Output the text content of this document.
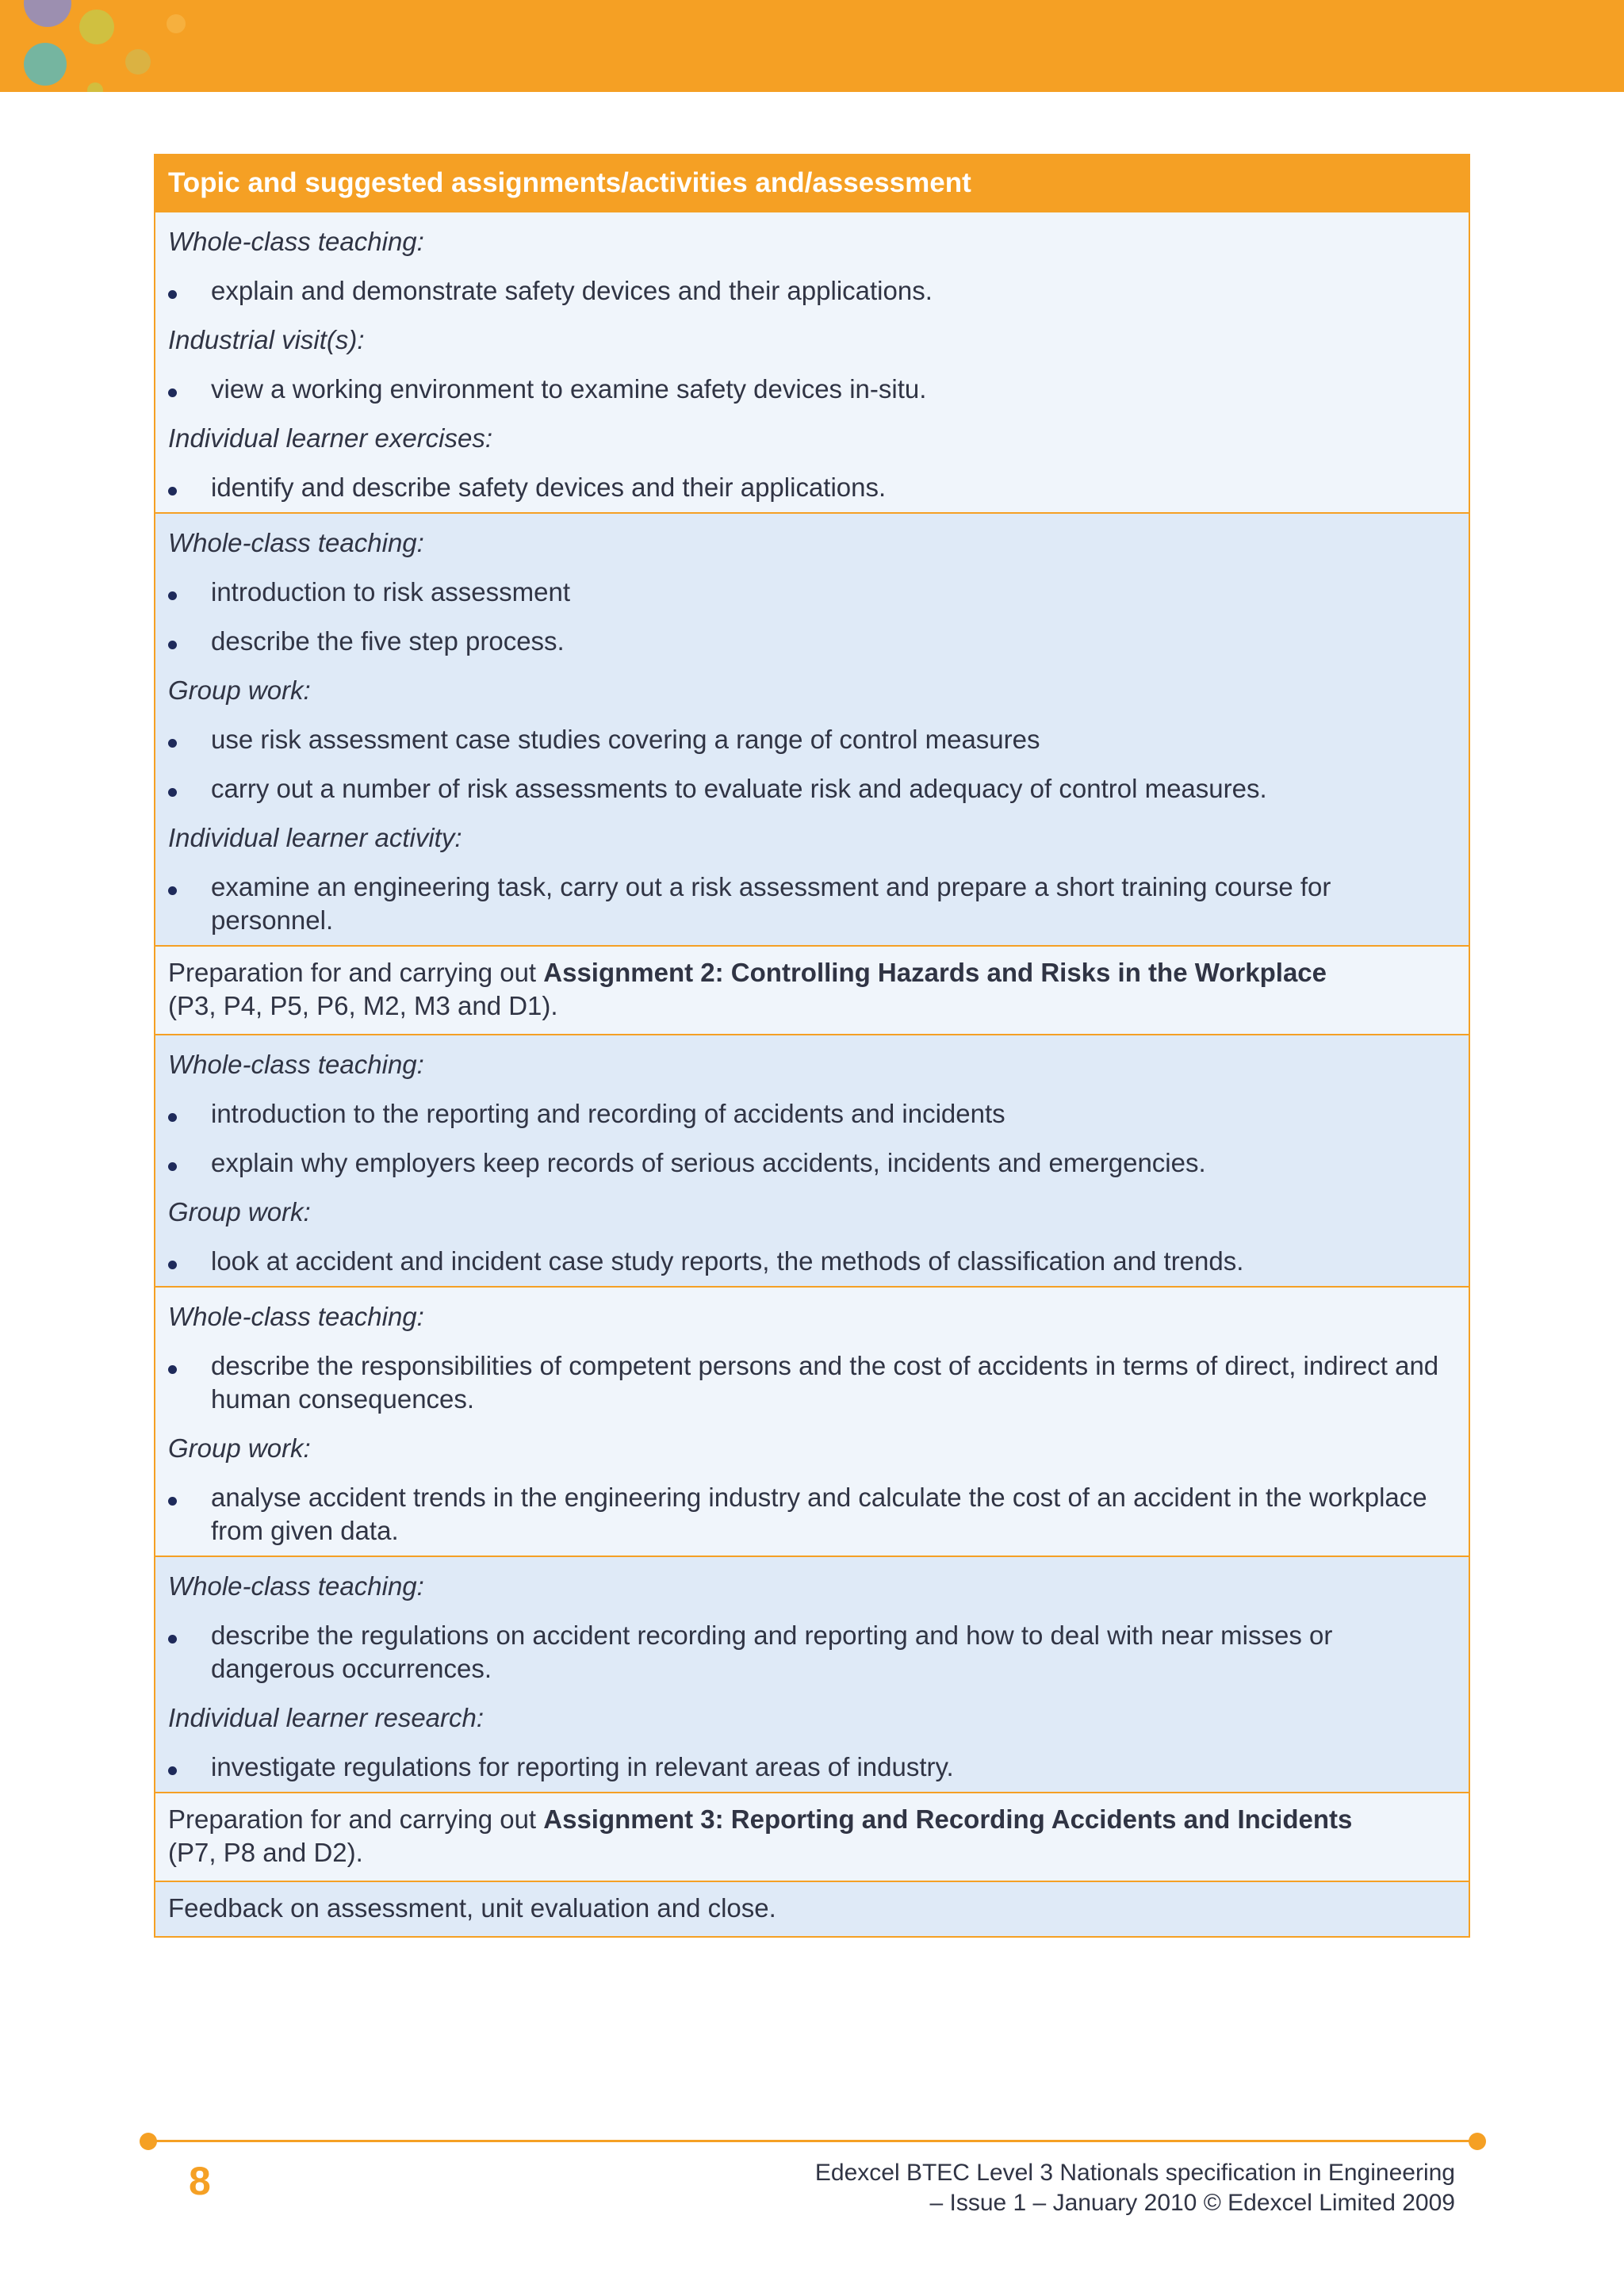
Topic and suggested assignments/activities and/assessment
Whole-class teaching:
explain and demonstrate safety devices and their applications.
Industrial visit(s):
view a working environment to examine safety devices in-situ.
Individual learner exercises:
identify and describe safety devices and their applications.
Whole-class teaching:
introduction to risk assessment
describe the five step process.
Group work:
use risk assessment case studies covering a range of control measures
carry out a number of risk assessments to evaluate risk and adequacy of control measures.
Individual learner activity:
examine an engineering task, carry out a risk assessment and prepare a short training course for personnel.
Preparation for and carrying out Assignment 2: Controlling Hazards and Risks in the Workplace
(P3, P4, P5, P6, M2, M3 and D1).
Whole-class teaching:
introduction to the reporting and recording of accidents and incidents
explain why employers keep records of serious accidents, incidents and emergencies.
Group work:
look at accident and incident case study reports, the methods of classification and trends.
Whole-class teaching:
describe the responsibilities of competent persons and the cost of accidents in terms of direct, indirect and human consequences.
Group work:
analyse accident trends in the engineering industry and calculate the cost of an accident in the workplace from given data.
Whole-class teaching:
describe the regulations on accident recording and reporting and how to deal with near misses or dangerous occurrences.
Individual learner research:
investigate regulations for reporting in relevant areas of industry.
Preparation for and carrying out Assignment 3: Reporting and Recording Accidents and Incidents
(P7, P8 and D2).
Feedback on assessment, unit evaluation and close.
8	Edexcel BTEC Level 3 Nationals specification in Engineering
– Issue 1 – January 2010 © Edexcel Limited 2009
